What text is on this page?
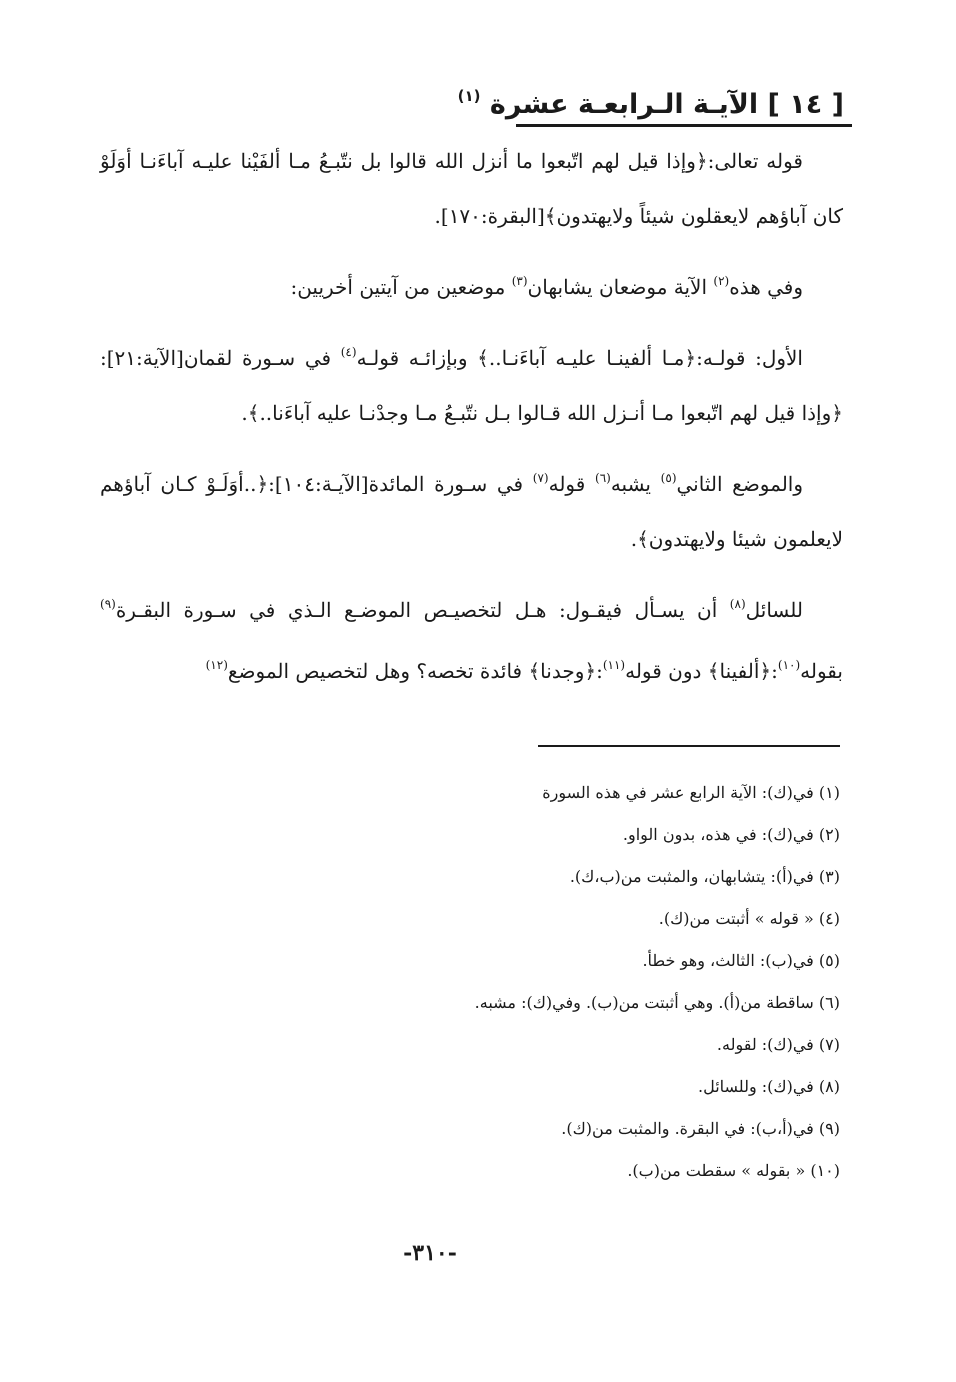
[ ١٤ ] الآيـة الـرابعـة عشرة $^{(١)}$

قوله تعالى:﴿وإذا قيل لهم اتّبعوا ما أنزل الله قالوا بل نتّبـعُ مـا ألفَيْنا عليـه آباءَنـا أوَلَوْ كان آباؤهم لايعقلون شيئاً ولايهتدون﴾[البقرة:١٧٠].

وفي هذه$^{(٢)}$ الآية موضعان يشابهان$^{(٣)}$ موضعين من آيتين أخريين:

الأول: قولـه:﴿مـا ألفينـا عليـه آباءَنـا..﴾ وبإزائـه قولـه$^{(٤)}$ في سـورة لقمان[الآية:٢١]:﴿وإذا قيل لهم اتّبعوا مـا أنـزل الله قـالوا بـل نتّبـعُ مـا وجدْنـا عليه آباءَنا..﴾.

والموضع الثاني$^{(٥)}$ يشبه$^{(٦)}$ قوله$^{(٧)}$ في سـورة المائدة[الآيـة:١٠٤]:﴿..أوَلَـوْ كـان آباؤهم لايعلمون شيئا ولايهتدون﴾.

للسائل$^{(٨)}$ أن يسـأل فيقـول: هـل لتخصيـص الموضـع الـذي في سـورة البقـرة$^{(٩)}$ بقوله$^{(١٠)}$:﴿ألفينا﴾ دون قوله$^{(١١)}$:﴿وجدنا﴾ فائدة تخصه؟ وهل لتخصيص الموضع$^{(١٢)}$

(١) في(ك): الآية الرابع عشر في هذه السورة
(٢) في(ك): في هذه، بدون الواو.
(٣) في(أ): يتشابهان، والمثبت من(ب،ك).
(٤) « قوله » أثبتت من(ك).
(٥) في(ب): الثالث، وهو خطأ.
(٦) ساقطة من(أ). وهي أثبتت من(ب). وفي(ك): مشبه.
(٧) في(ك): لقوله.
(٨) في(ك): وللسائل.
(٩) في(أ،ب): في البقرة. والمثبت من(ك).
(١٠) « بقوله » سقطت من(ب).
-٣١٠-
